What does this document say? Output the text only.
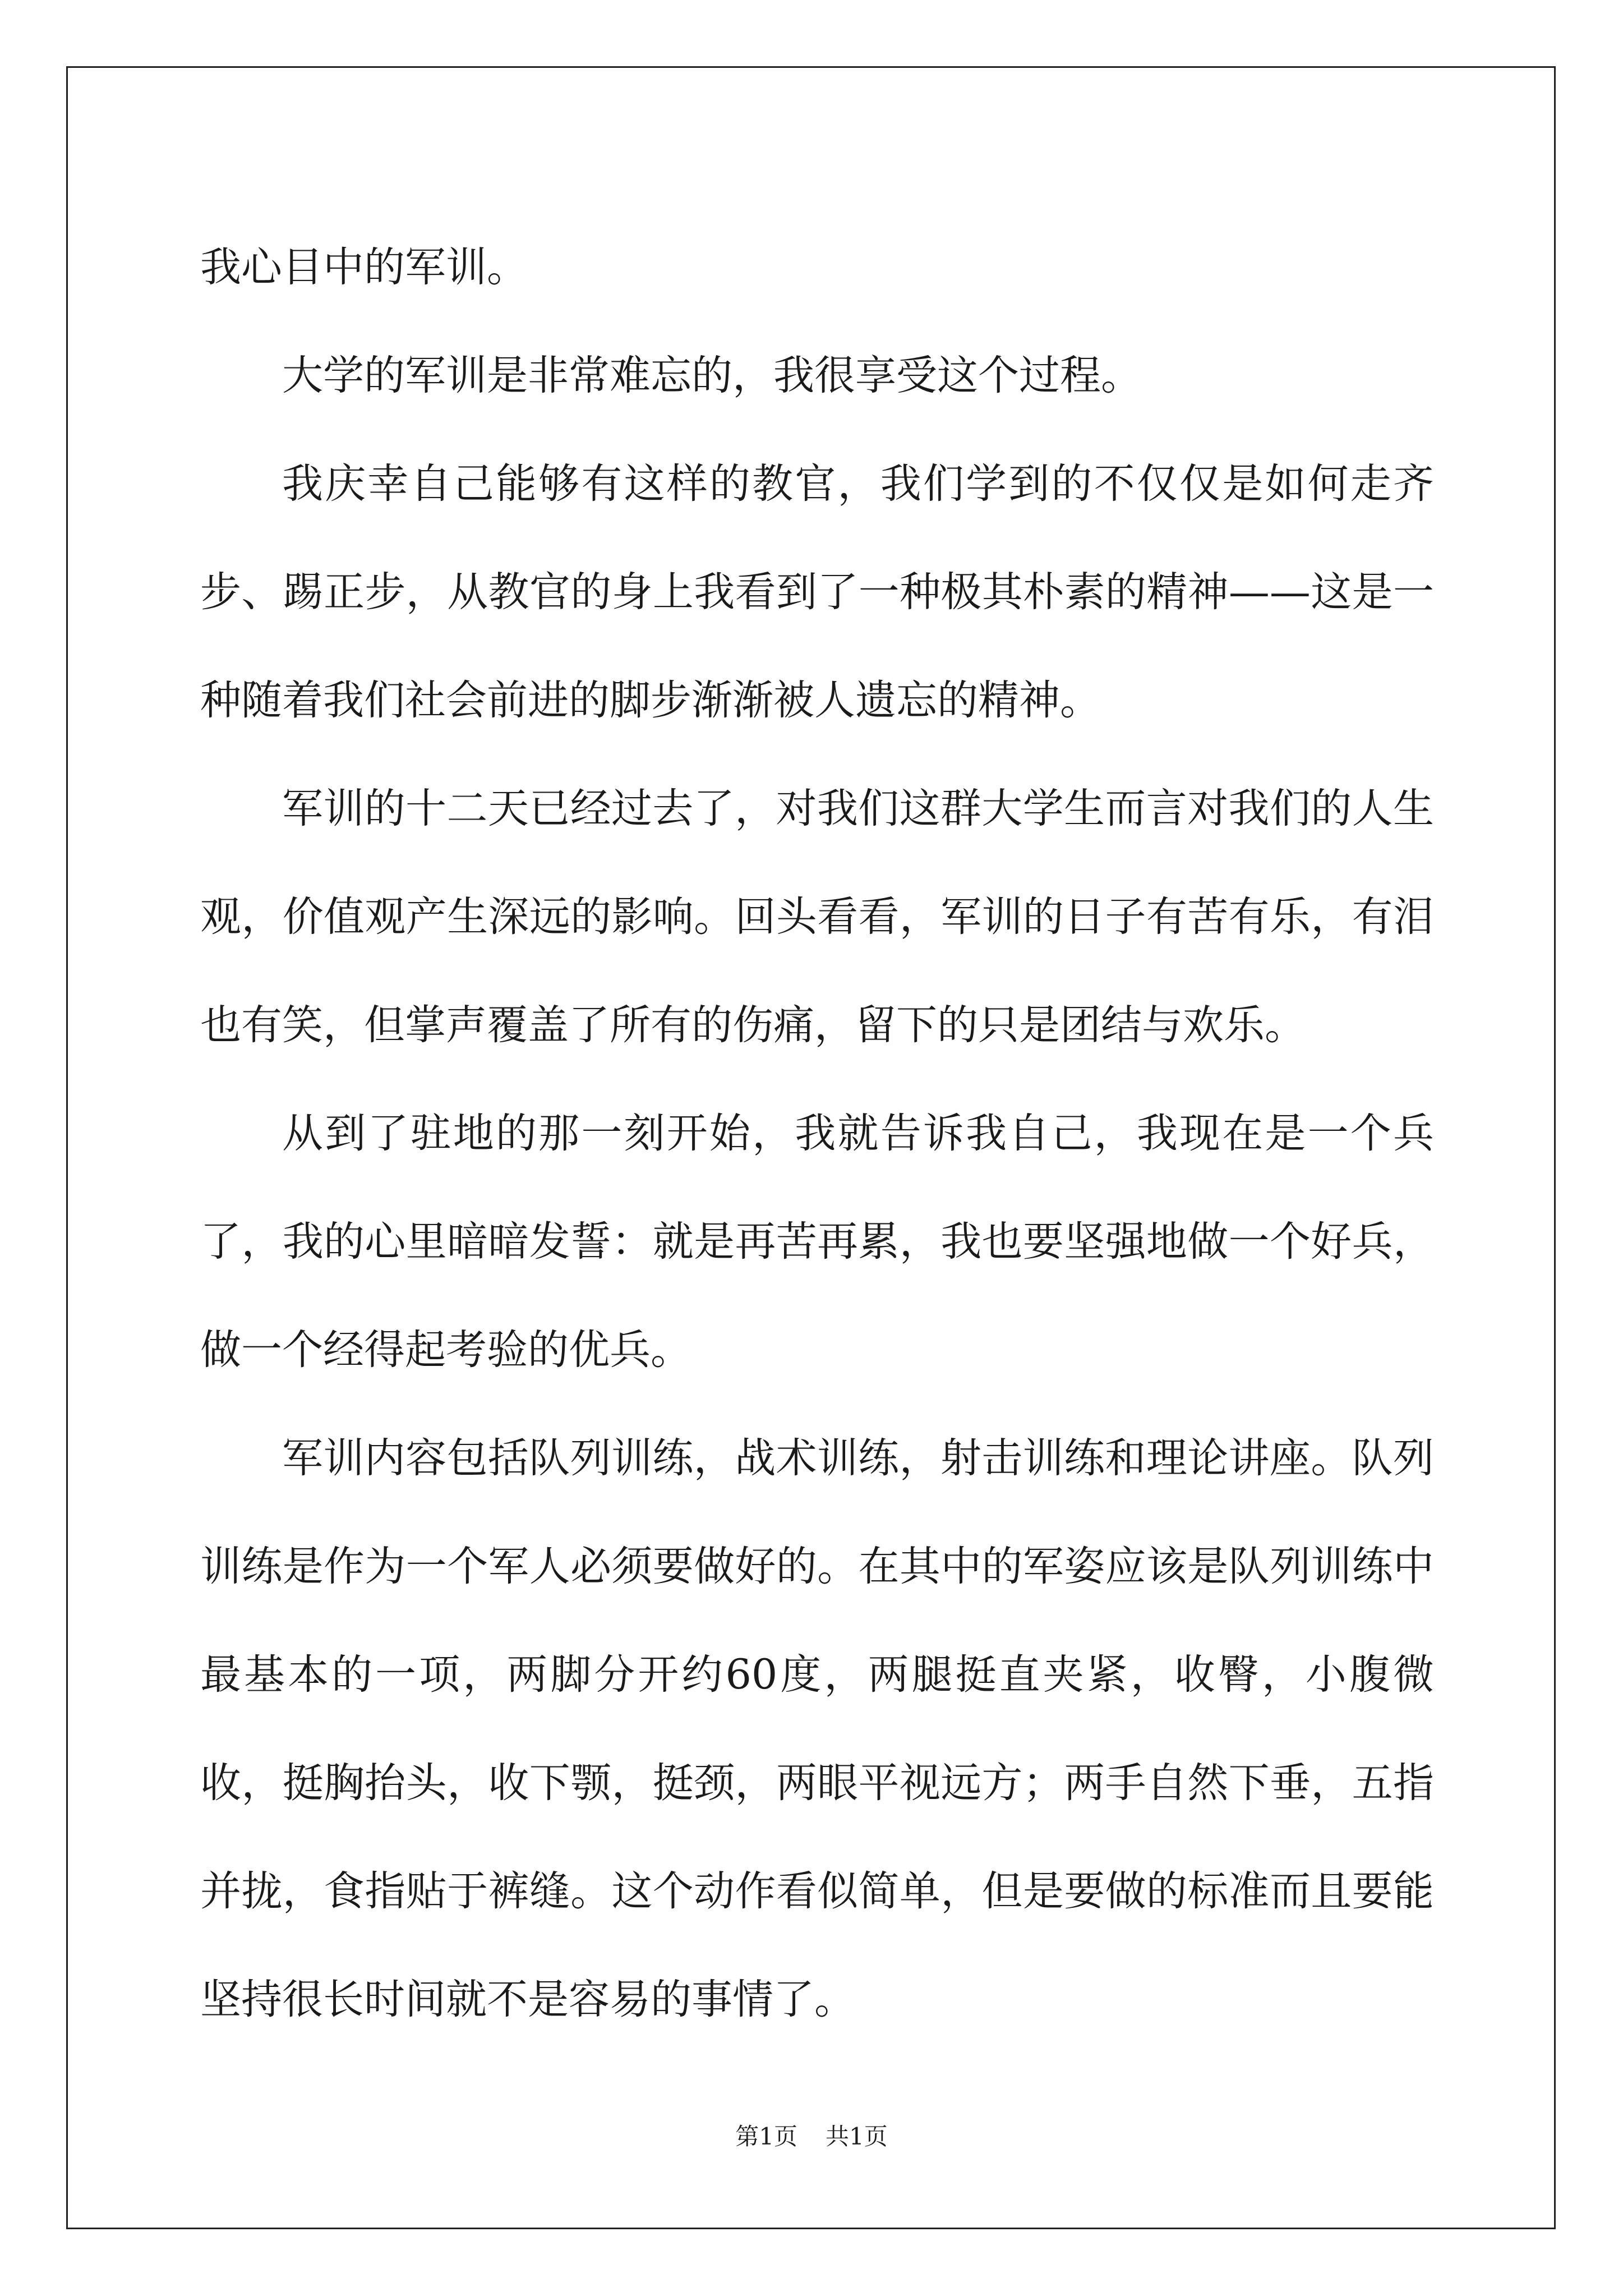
我心目中的军训。

大学的军训是非常难忘的，我很享受这个过程。

我庆幸自己能够有这样的教官，我们学到的不仅仅是如何走齐步、踢正步，从教官的身上我看到了一种极其朴素的精神——这是一种随着我们社会前进的脚步渐渐被人遗忘的精神。

军训的十二天已经过去了，对我们这群大学生而言对我们的人生观，价值观产生深远的影响。回头看看，军训的日子有苦有乐，有泪也有笑，但掌声覆盖了所有的伤痛，留下的只是团结与欢乐。

从到了驻地的那一刻开始，我就告诉我自己，我现在是一个兵了，我的心里暗暗发誓：就是再苦再累，我也要坚强地做一个好兵，做一个经得起考验的优兵。

军训内容包括队列训练，战术训练，射击训练和理论讲座。队列训练是作为一个军人必须要做好的。在其中的军姿应该是队列训练中最基本的一项，两脚分开约60度，两腿挺直夹紧，收臀，小腹微收，挺胸抬头，收下颚，挺颈，两眼平视远方；两手自然下垂，五指并拢，食指贴于裤缝。这个动作看似简单，但是要做的标准而且要能坚持很长时间就不是容易的事情了。

第1页 共1页
